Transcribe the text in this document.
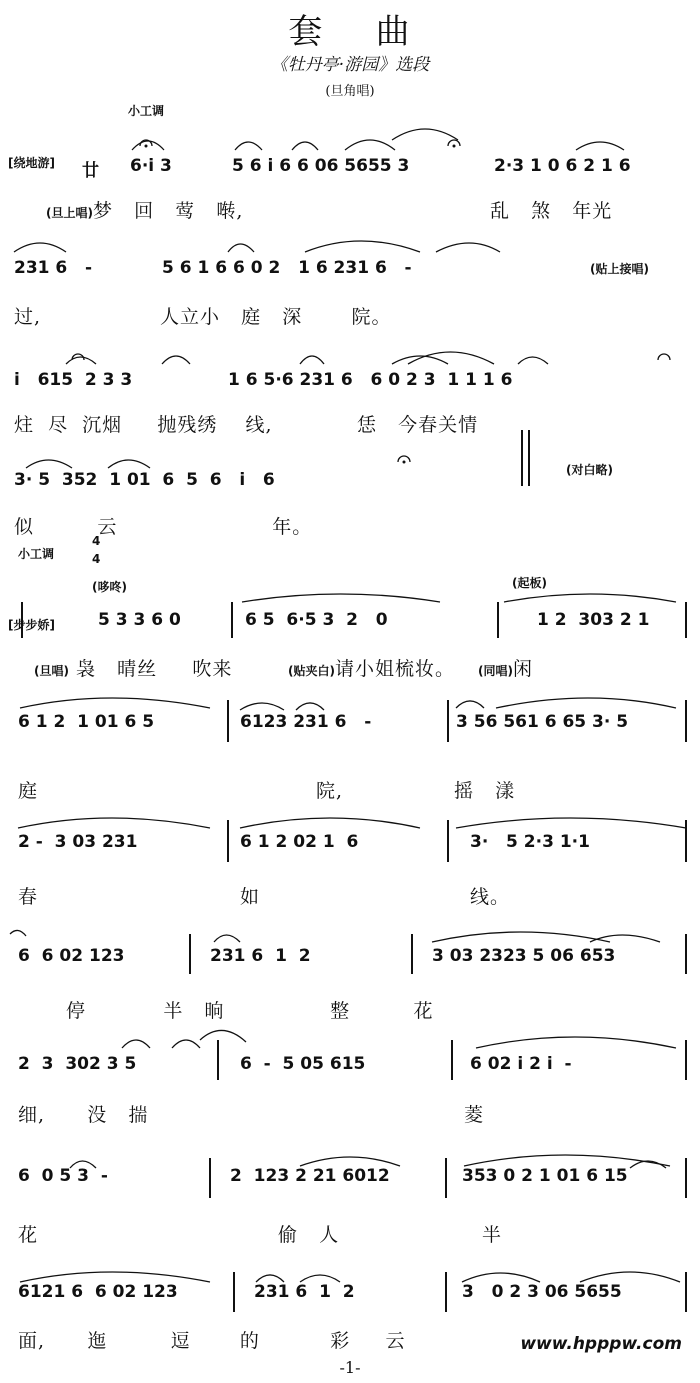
套    曲
《牡丹亭·游园》选段
(旦角唱)
小工调
[绕地游]
(对白略)
小工调
4
4
(哆咚)	(起板)
[步步娇]
廿 6·i 3	5 6 i 6 6 06 5655 3	2·3 1 0 6 2 1 6
(旦上唱)梦   回   莺   啭,	乱   煞   年光
231 6   -	5 6 1 6 6 0 2   1 6 231 6   -	(贴上接唱)
过,	人立小   庭   深       院。
i   615  2 3 3	1 6 5·6 231 6   6 0 2 3  1 1 1 6
炷  尽  沉烟     抛残绣    线,            恁   今春关情
3· 5  352  1 01  6  5  6   i   6
似         云                      年。
5 3 3 6 0	6 5  6·5 3  2   0	1 2  303 2 1
(旦唱) 袅   晴丝     吹来	(贴夹白)请小姐梳妆。 (同唱)闲
6 1 2  1 01 6 5	6123 231 6   -	3 56 561 6 65 3· 5
庭	院,	摇   漾
2 -  3 03 231	6 1 2 02 1  6	3·   5 2·3 1·1
春	如	线。
6  6 02 123	231 6  1  2	3 03 2323 5 06 653
停           半   晌               整         花
2  3  302 3 5	6  -  5 05 615	6 02 i 2 i  -
细,      没   揣	菱
6  0 5 3  -	2  123 2 21 6012	353 0 2 1 01 6 15
花	偷   人	半
6121 6  6 02 123	231 6  1  2	3   0 2 3 06 5655
面,      迤         逗       的          彩     云
-1-
www.hpppw.com
